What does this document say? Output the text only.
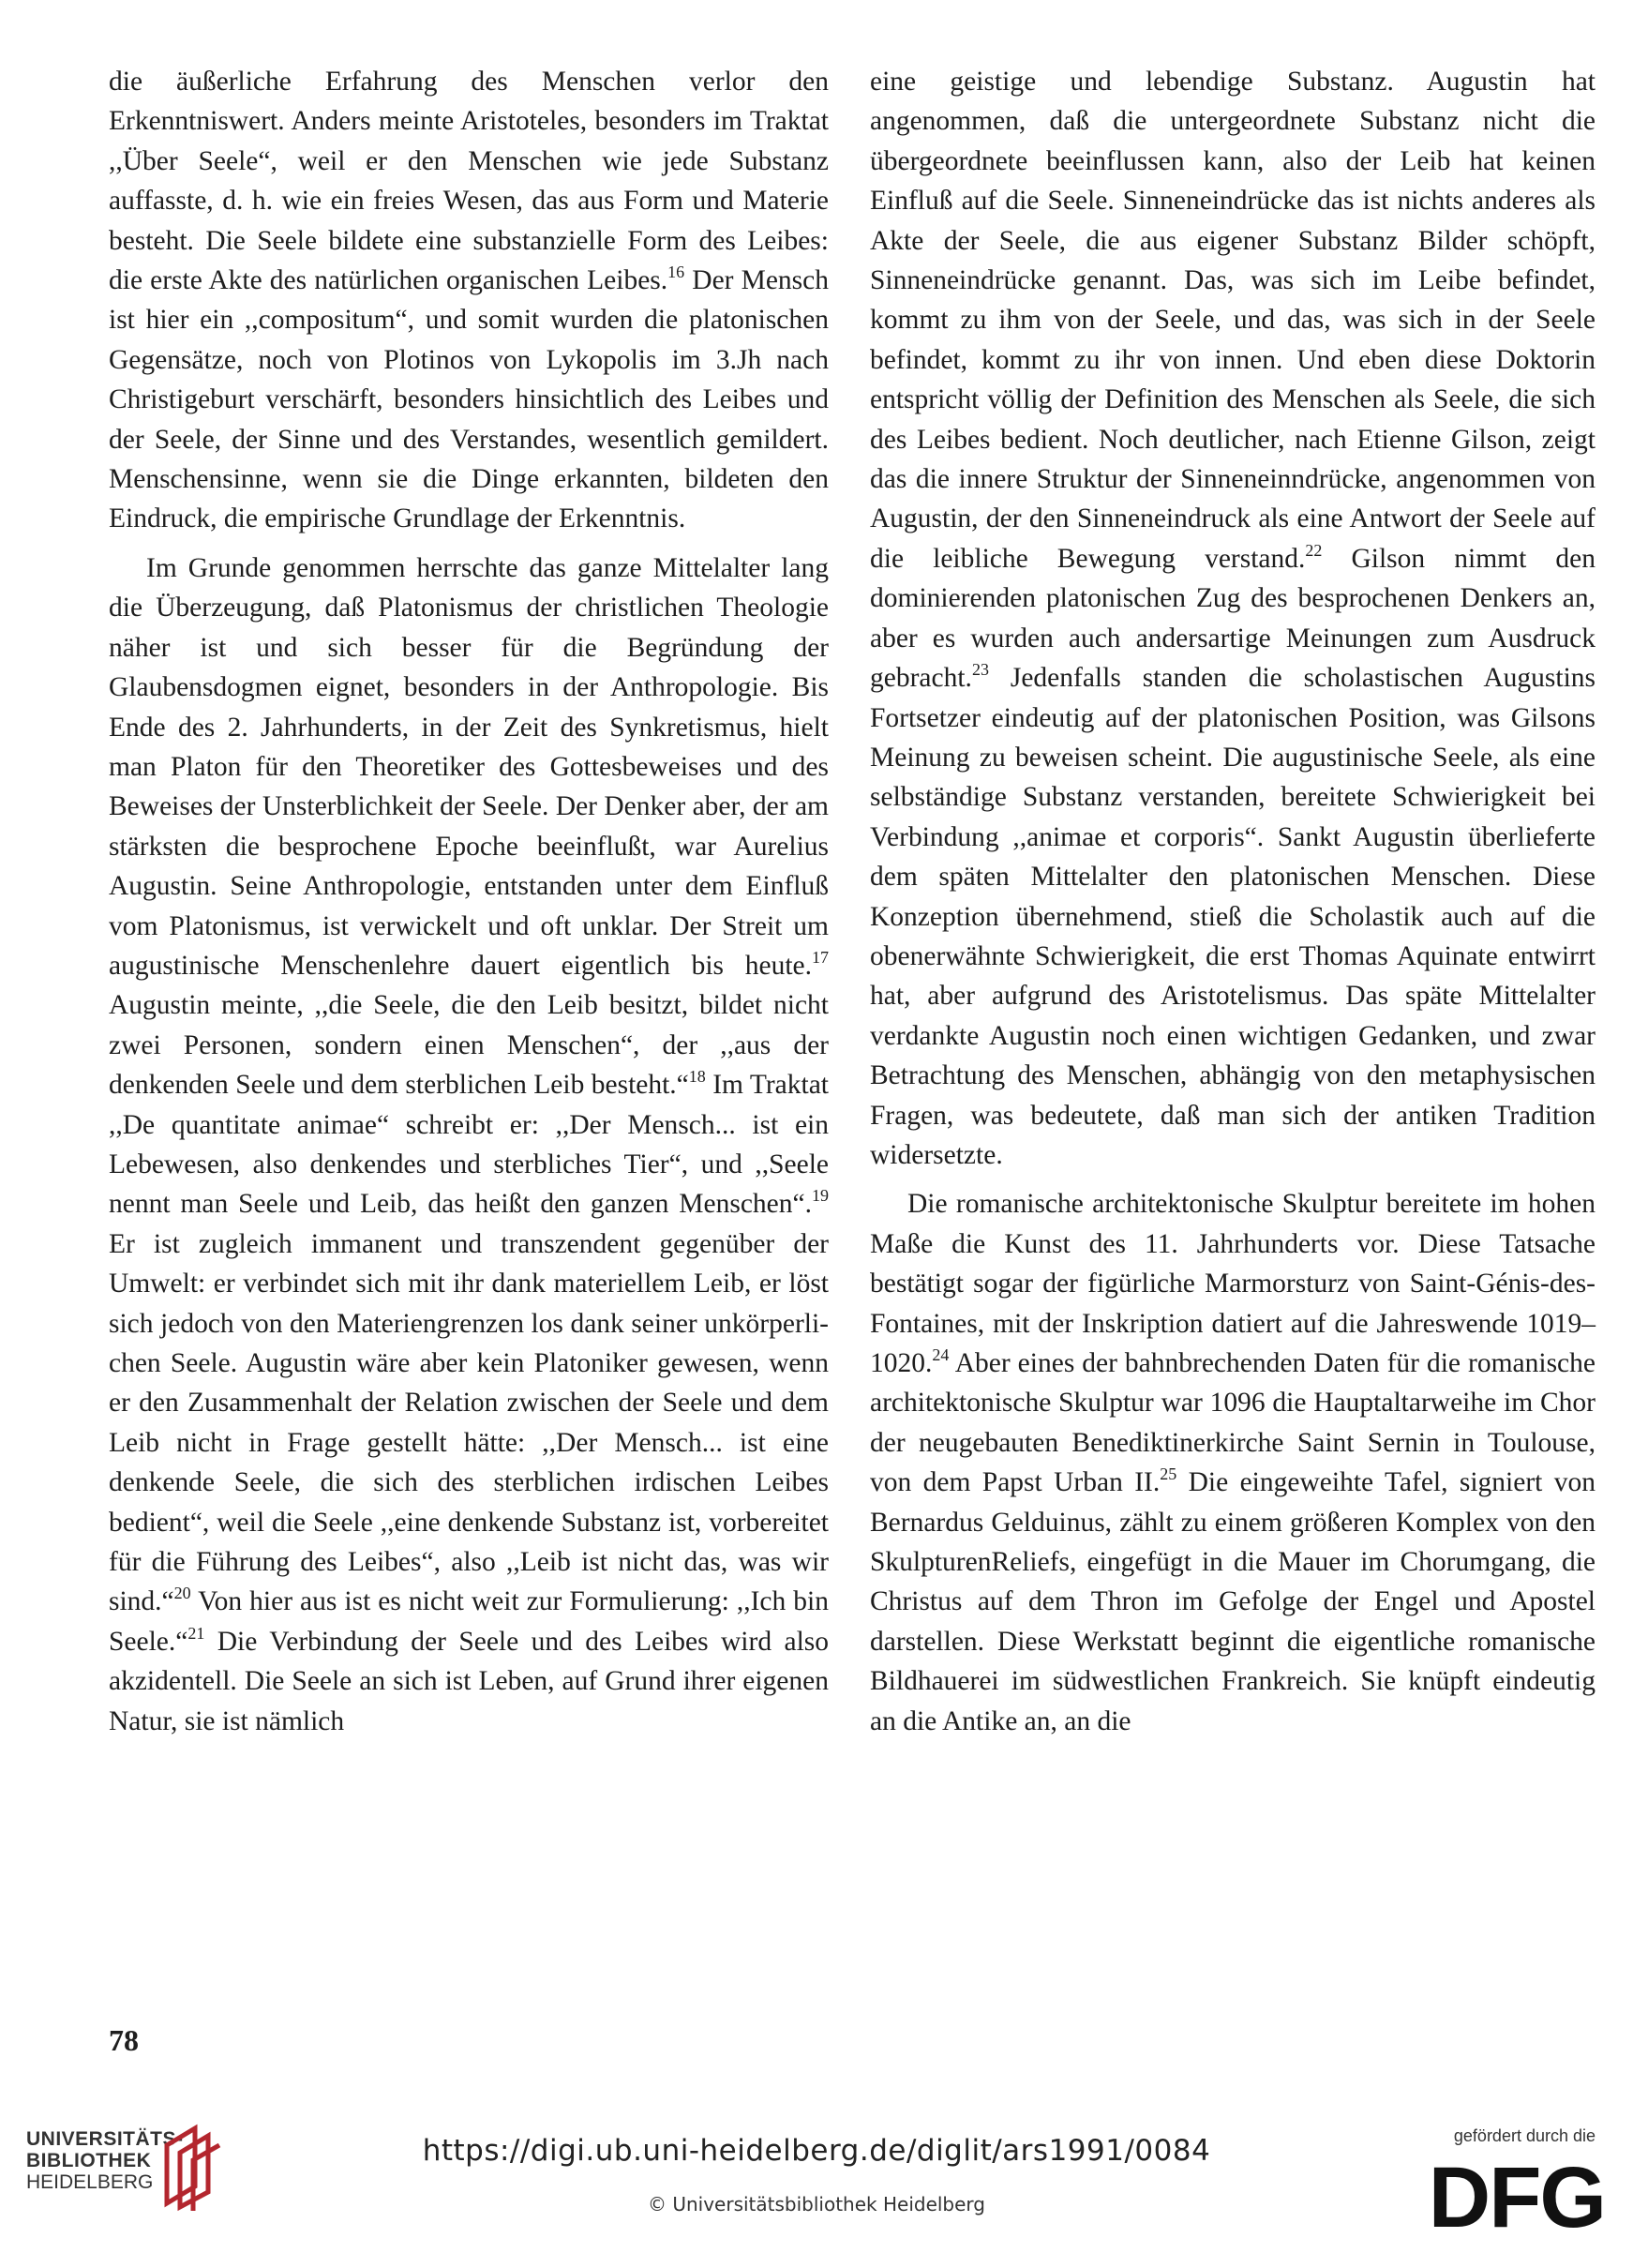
die äußerliche Erfahrung des Menschen verlor den Erkenntniswert. Anders meinte Aristoteles, besonders im Traktat ,,Über Seele“, weil er den Menschen wie jede Substanz auffasste, d. h. wie ein freies Wesen, das aus Form und Materie besteht. Die Seele bildete eine substanzielle Form des Leibes: die erste Akte des natürlichen organischen Leibes.$^{16}$ Der Mensch ist hier ein ,,compositum“, und somit wurden die platonischen Gegensätze, noch von Plotinos von Lykopolis im 3.Jh nach Christigeburt verschärft, besonders hinsichtlich des Leibes und der Seele, der Sinne und des Verstandes, wesentlich gemildert. Menschensinne, wenn sie die Dinge erkannten, bildeten den Eindruck, die empirische Grundlage der Erkenntnis.

Im Grunde genommen herrschte das ganze Mittelalter lang die Überzeugung, daß Platonismus der christlichen Theologie näher ist und sich besser für die Begründung der Glaubensdogmen eignet, besonders in der Anthropologie. Bis Ende des 2. Jahrhunderts, in der Zeit des Synkretismus, hielt man Platon für den Theoretiker des Gottesbeweises und des Beweises der Unsterblichkeit der Seele. Der Denker aber, der am stärksten die besprochene Epoche beeinflußt, war Aurelius Augustin. Seine Anthropologie, entstanden unter dem Einfluß vom Platonismus, ist verwickelt und oft unklar. Der Streit um augustinische Menschenlehre dauert eigentlich bis heute.$^{17}$ Augustin meinte, ,,die Seele, die den Leib besitzt, bildet nicht zwei Personen, sondern einen Menschen“, der ,,aus der denkenden Seele und dem sterblichen Leib besteht.“$^{18}$ Im Traktat ,,De quantitate animae“ schreibt er: ,,Der Mensch... ist ein Lebewesen, also denkendes und sterbliches Tier“, und ,,Seele nennt man Seele und Leib, das heißt den ganzen Menschen“.$^{19}$ Er ist zugleich immanent und transzendent gegenüber der Umwelt: er verbindet sich mit ihr dank materiellem Leib, er löst sich jedoch von den Materiengrenzen los dank seiner unkörperlichen Seele. Augustin wäre aber kein Platoniker gewesen, wenn er den Zusammenhalt der Relation zwischen der Seele und dem Leib nicht in Frage gestellt hätte: ,,Der Mensch... ist eine denkende Seele, die sich des sterblichen irdischen Leibes bedient“, weil die Seele ,,eine denkende Substanz ist, vorbereitet für die Führung des Leibes“, also ,,Leib ist nicht das, was wir sind.“$^{20}$ Von hier aus ist es nicht weit zur Formulierung: ,,Ich bin Seele.“$^{21}$ Die Verbindung der Seele und des Leibes wird also akzidentell. Die Seele an sich ist Leben, auf Grund ihrer eigenen Natur, sie ist nämlich

eine geistige und lebendige Substanz. Augustin hat angenommen, daß die untergeordnete Substanz nicht die übergeordnete beeinflussen kann, also der Leib hat keinen Einfluß auf die Seele. Sinneneindrücke das ist nichts anderes als Akte der Seele, die aus eigener Substanz Bilder schöpft, Sinneneindrücke genannt. Das, was sich im Leibe befindet, kommt zu ihm von der Seele, und das, was sich in der Seele befindet, kommt zu ihr von innen. Und eben diese Doktorin entspricht völlig der Definition des Menschen als Seele, die sich des Leibes bedient. Noch deutlicher, nach Etienne Gilson, zeigt das die innere Struktur der Sinneneinndrücke, angenommen von Augustin, der den Sinneneindruck als eine Antwort der Seele auf die leibliche Bewegung verstand.$^{22}$ Gilson nimmt den dominierenden platonischen Zug des besprochenen Denkers an, aber es wurden auch andersartige Meinungen zum Ausdruck gebracht.$^{23}$ Jedenfalls standen die scholastischen Augustins Fortsetzer eindeutig auf der platonischen Position, was Gilsons Meinung zu beweisen scheint. Die augustinische Seele, als eine selbständige Substanz verstanden, bereitete Schwierigkeit bei Verbindung ,,animae et corporis“. Sankt Augustin überlieferte dem späten Mittelalter den platonischen Menschen. Diese Konzeption übernehmend, stieß die Scholastik auch auf die obenerwähnte Schwierigkeit, die erst Thomas Aquinate entwirrt hat, aber aufgrund des Aristotelismus. Das späte Mittelalter verdankte Augustin noch einen wichtigen Gedanken, und zwar Betrachtung des Menschen, abhängig von den metaphysischen Fragen, was bedeutete, daß man sich der antiken Tradition widersetzte.

Die romanische architektonische Skulptur bereitete im hohen Maße die Kunst des 11. Jahrhunderts vor. Diese Tatsache bestätigt sogar der figürliche Marmorsturz von Saint-Génis-des-Fontaines, mit der Inskription datiert auf die Jahreswende 1019–1020.24 Aber eines der bahnbrechenden Daten für die romanische architektonische Skulptur war 1096 die Hauptaltarweihe im Chor der neugebauten Benediktinerkirche Saint Sernin in Toulouse, von dem Papst Urban II.$^{25}$ Die eingeweihte Tafel, signiert von Bernardus Gelduinus, zählt zu einem größeren Komplex von den SkulpturenReliefs, eingefügt in die Mauer im Chorumgang, die Christus auf dem Thron im Gefolge der Engel und Apostel darstellen. Diese Werkstatt beginnt die eigentliche romanische Bildhauerei im südwestlichen Frankreich. Sie knüpft eindeutig an die Antike an, an die

78
UNIVERSITÄTS-
BIBLIOTHEK
HEIDELBERG
https://digi.ub.uni-heidelberg.de/diglit/ars1991/0084
© Universitätsbibliothek Heidelberg
gefördert durch die
DFG
